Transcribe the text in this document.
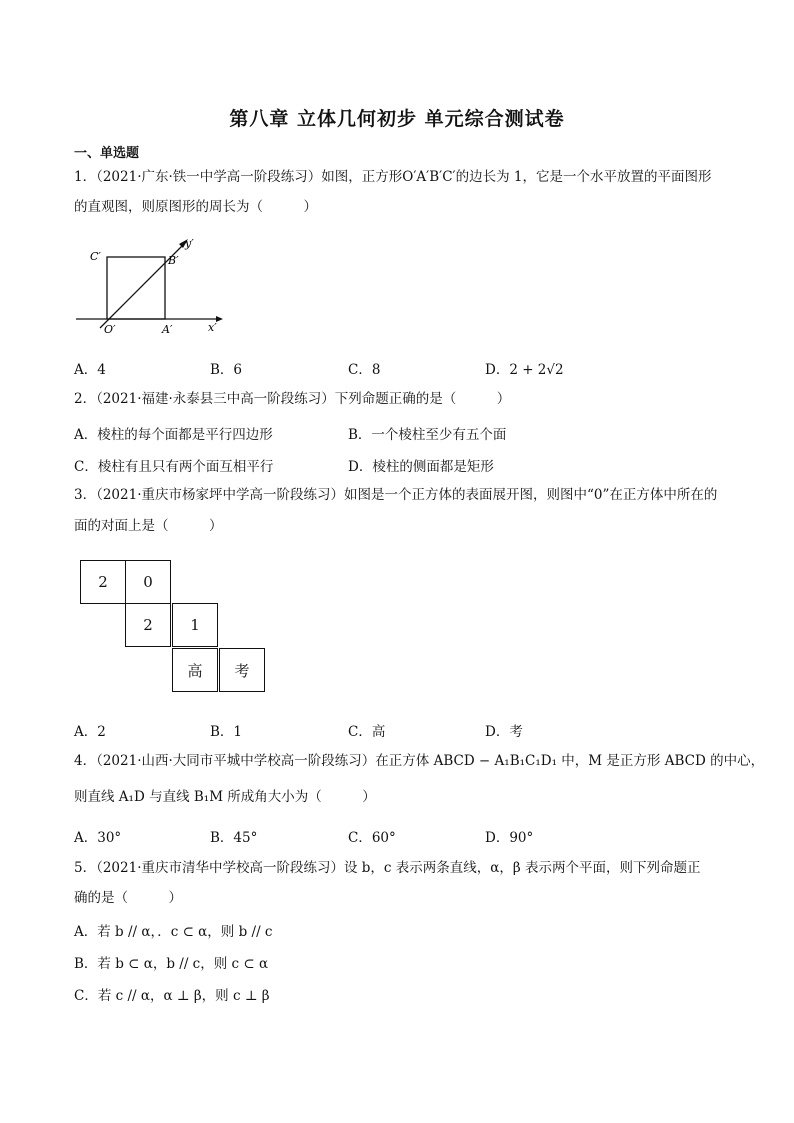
第八章 立体几何初步 单元综合测试卷
一、单选题
1．（2021·广东·铁一中学高一阶段练习）如图，正方形O′A′B′C′的边长为 1，它是一个水平放置的平面图形
的直观图，则原图形的周长为（　　　）
C′	B′
y′
O′	A′	x′
A．4	B．6	C．8	D．2 + 2√2
2．（2021·福建·永泰县三中高一阶段练习）下列命题正确的是（　　　）
A．棱柱的每个面都是平行四边形	B．一个棱柱至少有五个面
C．棱柱有且只有两个面互相平行	D．棱柱的侧面都是矩形
3．（2021·重庆市杨家坪中学高一阶段练习）如图是一个正方体的表面展开图，则图中“0”在正方体中所在的
面的对面上是（　　　）
2	0
2	1
高	考
A．2	B．1	C．高	D．考
4．（2021·山西·大同市平城中学校高一阶段练习）在正方体 ABCD − A₁B₁C₁D₁ 中，M 是正方形 ABCD 的中心，
则直线 A₁D 与直线 B₁M 所成角大小为（　　　）
A．30°	B．45°	C．60°	D．90°
5．（2021·重庆市清华中学校高一阶段练习）设 b，c 表示两条直线，α，β 表示两个平面，则下列命题正
确的是（　　　）
A．若 b // α，．c ⊂ α，则 b // c
B．若 b ⊂ α，b // c，则 c ⊂ α
C．若 c // α，α ⊥ β，则 c ⊥ β
